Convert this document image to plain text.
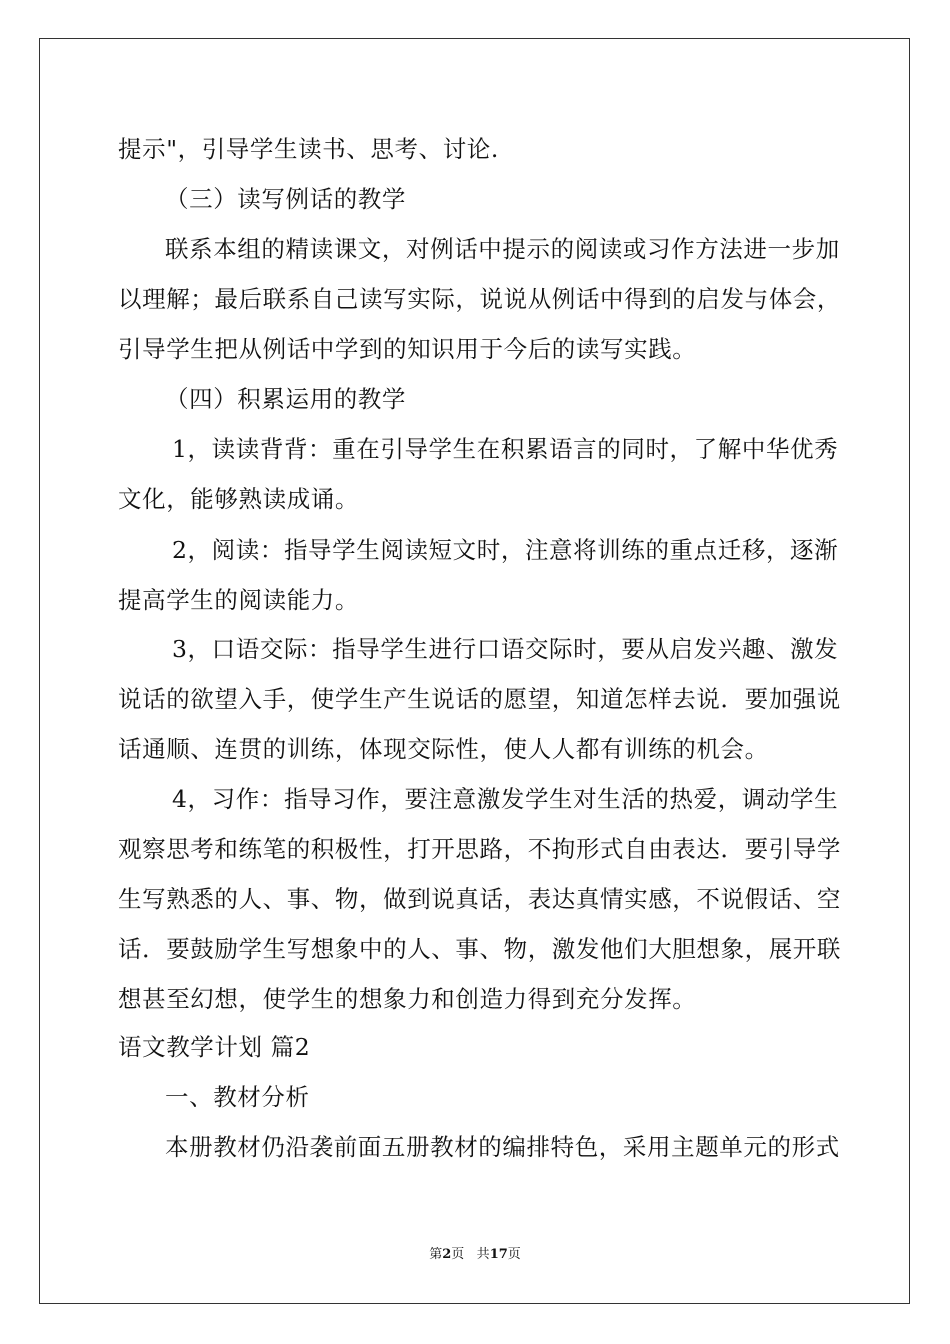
提示"，引导学生读书、思考、讨论.
（三）读写例话的教学
联系本组的精读课文，对例话中提示的阅读或习作方法进一步加
以理解；最后联系自己读写实际，说说从例话中得到的启发与体会，
引导学生把从例话中学到的知识用于今后的读写实践。
（四）积累运用的教学
1，读读背背：重在引导学生在积累语言的同时，了解中华优秀
文化，能够熟读成诵。
2，阅读：指导学生阅读短文时，注意将训练的重点迁移，逐渐
提高学生的阅读能力。
3，口语交际：指导学生进行口语交际时，要从启发兴趣、激发
说话的欲望入手，使学生产生说话的愿望，知道怎样去说．要加强说
话通顺、连贯的训练，体现交际性，使人人都有训练的机会。
4，习作：指导习作，要注意激发学生对生活的热爱，调动学生
观察思考和练笔的积极性，打开思路，不拘形式自由表达．要引导学
生写熟悉的人、事、物，做到说真话，表达真情实感，不说假话、空
话．要鼓励学生写想象中的人、事、物，激发他们大胆想象，展开联
想甚至幻想，使学生的想象力和创造力得到充分发挥。
语文教学计划 篇2
一、教材分析
本册教材仍沿袭前面五册教材的编排特色，采用主题单元的形式
第2页 共17页
